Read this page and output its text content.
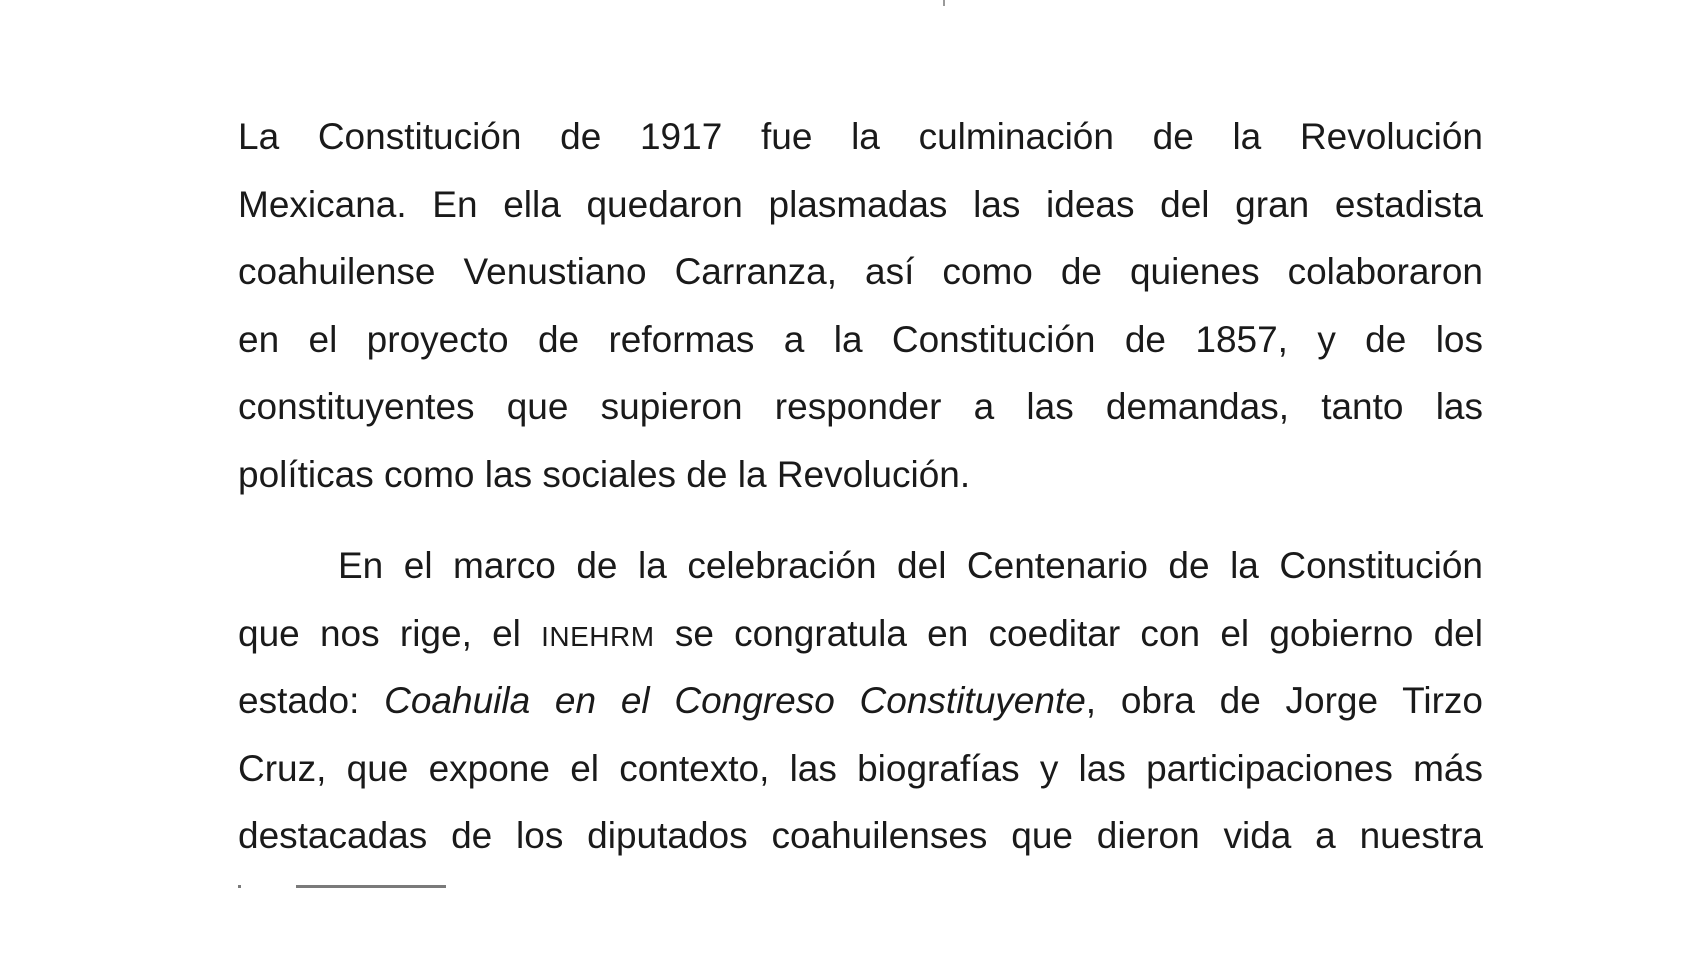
La Constitución de 1917 fue la culminación de la Revolución
Mexicana. En ella quedaron plasmadas las ideas del gran estadista
coahuilense Venustiano Carranza, así como de quienes colaboraron
en el proyecto de reformas a la Constitución de 1857, y de los
constituyentes que supieron responder a las demandas, tanto las
políticas como las sociales de la Revolución.

En el marco de la celebración del Centenario de la Constitución
que nos rige, el INEHRM se congratula en coeditar con el gobierno del
estado: Coahuila en el Congreso Constituyente, obra de Jorge Tirzo
Cruz, que expone el contexto, las biografías y las participaciones más
destacadas de los diputados coahuilenses que dieron vida a nuestra
